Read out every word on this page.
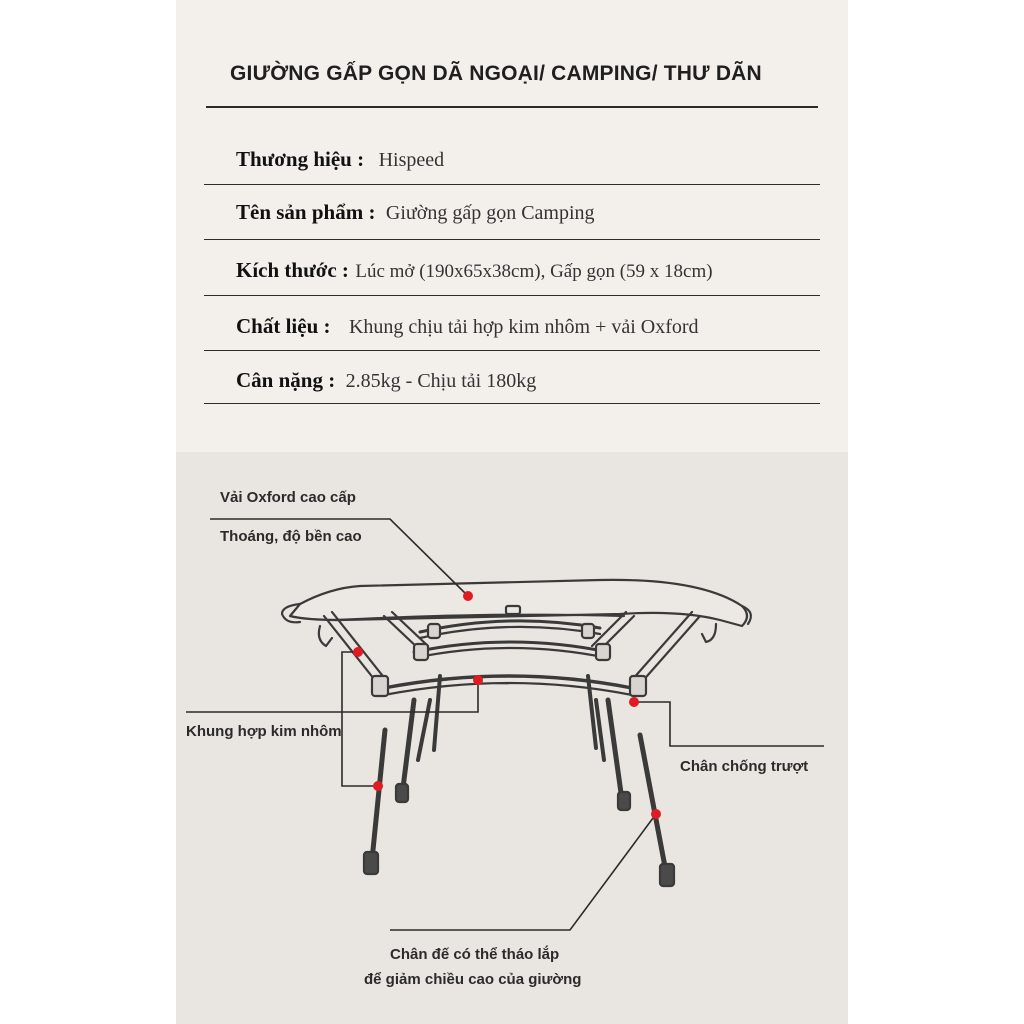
GIƯỜNG GẤP GỌN DÃ NGOẠI/ CAMPING/ THƯ DÃN
Thương hiệu : Hispeed
Tên sản phẩm : Giường gấp gọn Camping
Kích thước : Lúc mở (190x65x38cm), Gấp gọn (59 x 18cm)
Chất liệu : Khung chịu tải hợp kim nhôm + vải Oxford
Cân nặng : 2.85kg - Chịu tải 180kg
Vải Oxford cao cấp
Thoáng, độ bền cao
Khung hợp kim nhôm
Chân chống trượt
Chân đế có thể tháo lắp
để giảm chiều cao của giường
